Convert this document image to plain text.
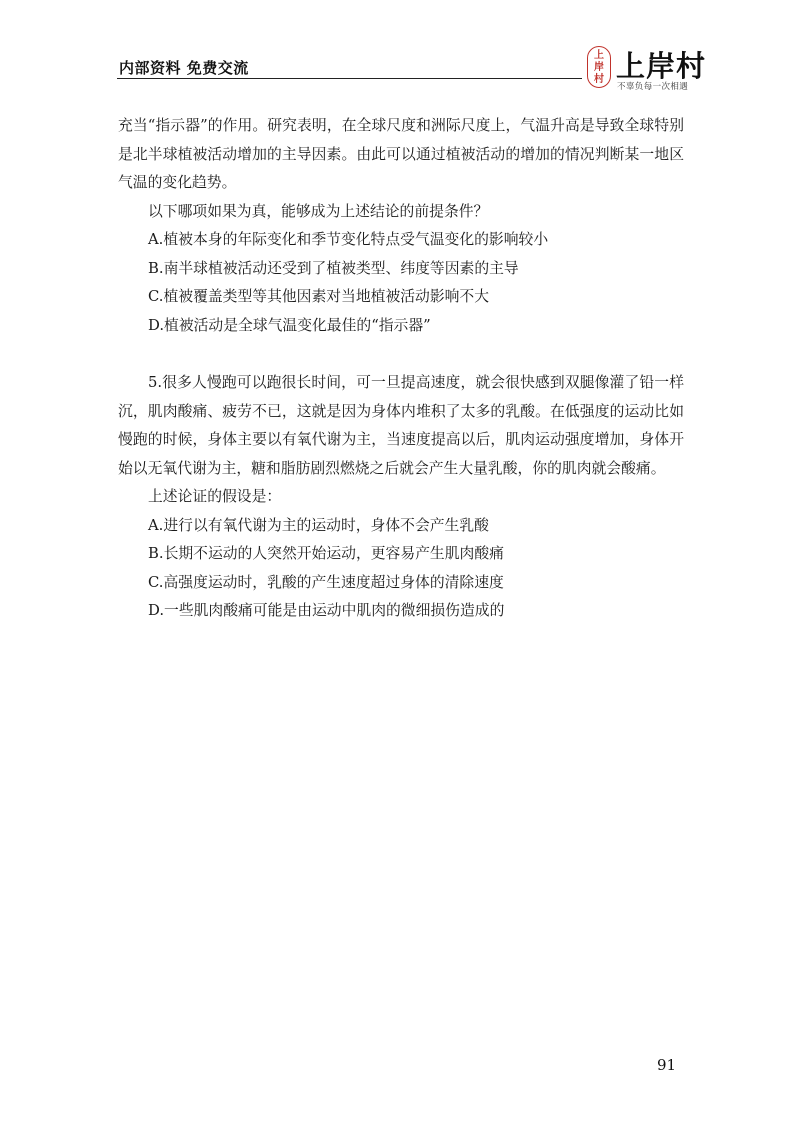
内部资料 免费交流
上岸村 上岸村
不辜负每一次相遇

充当“指示器”的作用。研究表明，在全球尺度和洲际尺度上，气温升高是导致全球特别是北半球植被活动增加的主导因素。由此可以通过植被活动的增加的情况判断某一地区气温的变化趋势。

以下哪项如果为真，能够成为上述结论的前提条件？

A.植被本身的年际变化和季节变化特点受气温变化的影响较小

B.南半球植被活动还受到了植被类型、纬度等因素的主导

C.植被覆盖类型等其他因素对当地植被活动影响不大

D.植被活动是全球气温变化最佳的“指示器”

5.很多人慢跑可以跑很长时间，可一旦提高速度，就会很快感到双腿像灌了铅一样沉，肌肉酸痛、疲劳不已，这就是因为身体内堆积了太多的乳酸。在低强度的运动比如慢跑的时候，身体主要以有氧代谢为主，当速度提高以后，肌肉运动强度增加，身体开始以无氧代谢为主，糖和脂肪剧烈燃烧之后就会产生大量乳酸，你的肌肉就会酸痛。

上述论证的假设是：

A.进行以有氧代谢为主的运动时，身体不会产生乳酸

B.长期不运动的人突然开始运动，更容易产生肌肉酸痛

C.高强度运动时，乳酸的产生速度超过身体的清除速度

D.一些肌肉酸痛可能是由运动中肌肉的微细损伤造成的

91
